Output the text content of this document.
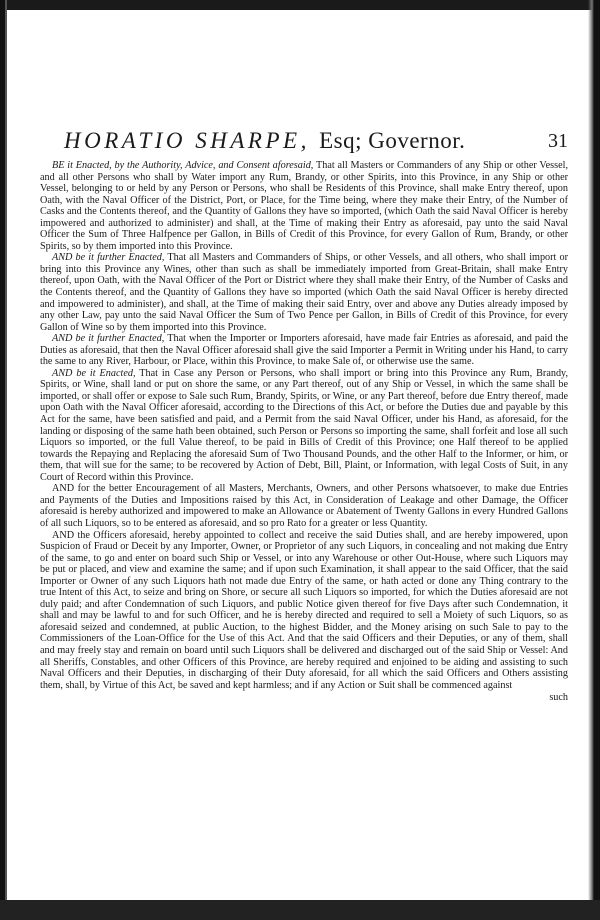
HORATIO SHARPE, Esq; Governor.	31

BE it Enacted, by the Authority, Advice, and Consent aforesaid, That all Masters or Commanders of any Ship or other Vessel, and all other Persons who shall by Water import any Rum, Brandy, or other Spirits, into this Province, in any Ship or other Vessel, belonging to or held by any Person or Persons, who shall be Residents of this Province, shall make Entry thereof, upon Oath, with the Naval Officer of the District, Port, or Place, for the Time being, where they make their Entry, of the Number of Casks and the Contents thereof, and the Quantity of Gallons they have so imported, (which Oath the said Naval Officer is hereby impowered and authorized to administer) and shall, at the Time of making their Entry as aforesaid, pay unto the said Naval Officer the Sum of Three Halfpence per Gallon, in Bills of Credit of this Province, for every Gallon of Rum, Brandy, or other Spirits, so by them imported into this Province.

AND be it further Enacted, That all Masters and Commanders of Ships, or other Vessels, and all others, who shall import or bring into this Province any Wines, other than such as shall be immediately imported from Great-Britain, shall make Entry thereof, upon Oath, with the Naval Officer of the Port or District where they shall make their Entry, of the Number of Casks and the Contents thereof, and the Quantity of Gallons they have so imported (which Oath the said Naval Officer is hereby directed and impowered to administer), and shall, at the Time of making their said Entry, over and above any Duties already imposed by any other Law, pay unto the said Naval Officer the Sum of Two Pence per Gallon, in Bills of Credit of this Province, for every Gallon of Wine so by them imported into this Province.

AND be it further Enacted, That when the Importer or Importers aforesaid, have made fair Entries as aforesaid, and paid the Duties as aforesaid, that then the Naval Officer aforesaid shall give the said Importer a Permit in Writing under his Hand, to carry the same to any River, Harbour, or Place, within this Province, to make Sale of, or otherwise use the same.

AND be it Enacted, That in Case any Person or Persons, who shall import or bring into this Province any Rum, Brandy, Spirits, or Wine, shall land or put on shore the same, or any Part thereof, out of any Ship or Vessel, in which the same shall be imported, or shall offer or expose to Sale such Rum, Brandy, Spirits, or Wine, or any Part thereof, before due Entry thereof, made upon Oath with the Naval Officer aforesaid, according to the Directions of this Act, or before the Duties due and payable by this Act for the same, have been satisfied and paid, and a Permit from the said Naval Officer, under his Hand, as aforesaid, for the landing or disposing of the same hath been obtained, such Person or Persons so importing the same, shall forfeit and lose all such Liquors so imported, or the full Value thereof, to be paid in Bills of Credit of this Province; one Half thereof to be applied towards the Repaying and Replacing the aforesaid Sum of Two Thousand Pounds, and the other Half to the Informer, or him, or them, that will sue for the same; to be recovered by Action of Debt, Bill, Plaint, or Information, with legal Costs of Suit, in any Court of Record within this Province.

AND for the better Encouragement of all Masters, Merchants, Owners, and other Persons whatsoever, to make due Entries and Payments of the Duties and Impositions raised by this Act, in Consideration of Leakage and other Damage, the Officer aforesaid is hereby authorized and impowered to make an Allowance or Abatement of Twenty Gallons in every Hundred Gallons of all such Liquors, so to be entered as aforesaid, and so pro Rato for a greater or less Quantity.

AND the Officers aforesaid, hereby appointed to collect and receive the said Duties shall, and are hereby impowered, upon Suspicion of Fraud or Deceit by any Importer, Owner, or Proprietor of any such Liquors, in concealing and not making due Entry of the same, to go and enter on board such Ship or Vessel, or into any Warehouse or other Out-House, where such Liquors may be put or placed, and view and examine the same; and if upon such Examination, it shall appear to the said Officer, that the said Importer or Owner of any such Liquors hath not made due Entry of the same, or hath acted or done any Thing contrary to the true Intent of this Act, to seize and bring on Shore, or secure all such Liquors so imported, for which the Duties aforesaid are not duly paid; and after Condemnation of such Liquors, and public Notice given thereof for five Days after such Condemnation, it shall and may be lawful to and for such Officer, and he is hereby directed and required to sell a Moiety of such Liquors, so as aforesaid seized and condemned, at public Auction, to the highest Bidder, and the Money arising on such Sale to pay to the Commissioners of the Loan-Office for the Use of this Act. And that the said Officers and their Deputies, or any of them, shall and may freely stay and remain on board until such Liquors shall be delivered and discharged out of the said Ship or Vessel: And all Sheriffs, Constables, and other Officers of this Province, are hereby required and enjoined to be aiding and assisting to such Naval Officers and their Deputies, in discharging of their Duty aforesaid, for all which the said Officers and Others assisting them, shall, by Virtue of this Act, be saved and kept harmless; and if any Action or Suit shall be commenced against

such
